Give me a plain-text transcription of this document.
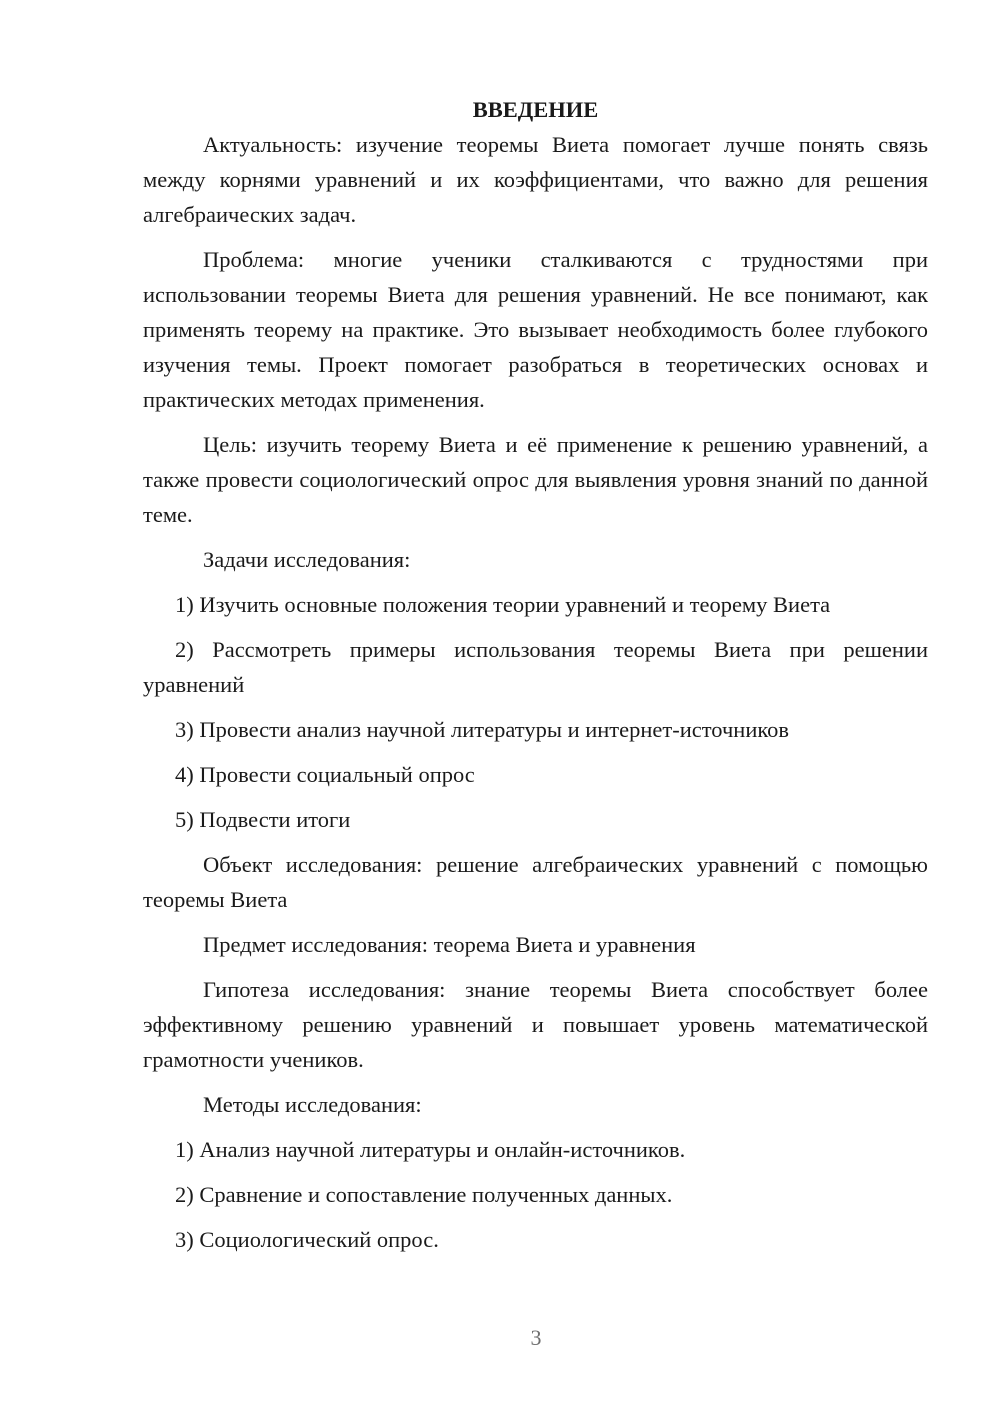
ВВЕДЕНИЕ

Актуальность: изучение теоремы Виета помогает лучше понять связь между корнями уравнений и их коэффициентами, что важно для решения алгебраических задач.

Проблема: многие ученики сталкиваются с трудностями при использовании теоремы Виета для решения уравнений. Не все понимают, как применять теорему на практике. Это вызывает необходимость более глубокого изучения темы. Проект помогает разобраться в теоретических основах и практических методах применения.

Цель: изучить теорему Виета и её применение к решению уравнений, а также провести социологический опрос для выявления уровня знаний по данной теме.

Задачи исследования:

1) Изучить основные положения теории уравнений и теорему Виета

2) Рассмотреть примеры использования теоремы Виета при решении уравнений

3) Провести анализ научной литературы и интернет-источников

4) Провести социальный опрос

5) Подвести итоги

Объект исследования: решение алгебраических уравнений с помощью теоремы Виета

Предмет исследования: теорема Виета и уравнения

Гипотеза исследования: знание теоремы Виета способствует более эффективному решению уравнений и повышает уровень математической грамотности учеников.

Методы исследования:

1) Анализ научной литературы и онлайн-источников.

2) Сравнение и сопоставление полученных данных.

3) Социологический опрос.

3
